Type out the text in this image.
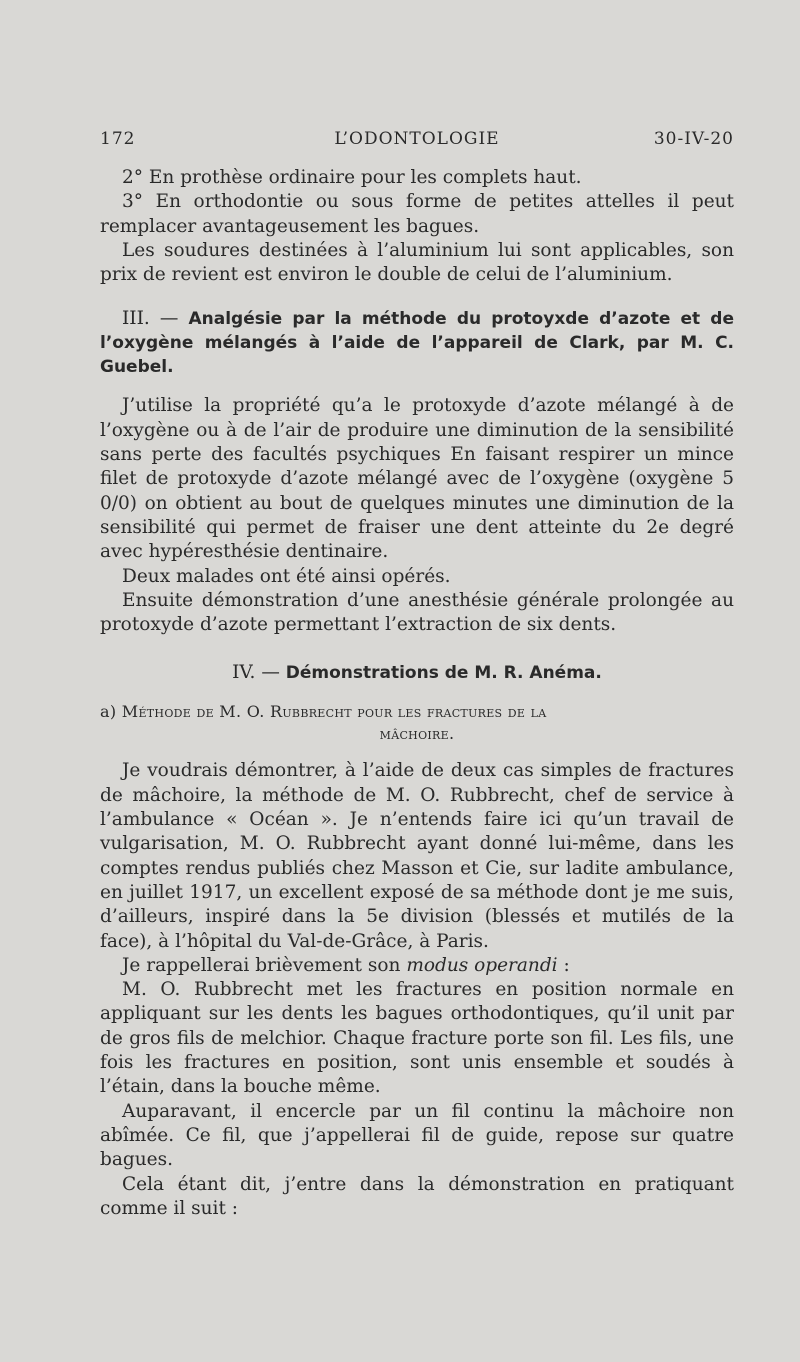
172	L’ODONTOLOGIE	30-IV-20

2° En prothèse ordinaire pour les complets haut.

3° En orthodontie ou sous forme de petites attelles il peut remplacer avantageusement les bagues.

Les soudures destinées à l’aluminium lui sont applicables, son prix de revient est environ le double de celui de l’aluminium.

III. — Analgésie par la méthode du protoyxde d’azote et de l’oxygène mélangés à l’aide de l’appareil de Clark, par M. C. Guebel.

J’utilise la propriété qu’a le protoxyde d’azote mélangé à de l’oxygène ou à de l’air de produire une diminution de la sensibilité sans perte des facultés psychiques En faisant respirer un mince filet de protoxyde d’azote mélangé avec de l’oxygène (oxygène 5 0/0) on obtient au bout de quelques minutes une diminution de la sensibilité qui permet de fraiser une dent atteinte du 2e degré avec hypéresthésie dentinaire.

Deux malades ont été ainsi opérés.

Ensuite démonstration d’une anesthésie générale prolongée au protoxyde d’azote permettant l’extraction de six dents.

IV. — Démonstrations de M. R. Anéma.
a) Méthode de M. O. Rubbrecht pour les fractures de la
mâchoire.

Je voudrais démontrer, à l’aide de deux cas simples de fractures de mâchoire, la méthode de M. O. Rubbrecht, chef de service à l’ambulance « Océan ». Je n’entends faire ici qu’un travail de vulgarisation, M. O. Rubbrecht ayant donné lui-même, dans les comptes rendus publiés chez Masson et Cie, sur ladite ambulance, en juillet 1917, un excellent exposé de sa méthode dont je me suis, d’ailleurs, inspiré dans la 5e division (blessés et mutilés de la face), à l’hôpital du Val-de-Grâce, à Paris.

Je rappellerai brièvement son modus operandi :

M. O. Rubbrecht met les fractures en position normale en appliquant sur les dents les bagues orthodontiques, qu’il unit par de gros fils de melchior. Chaque fracture porte son fil. Les fils, une fois les fractures en position, sont unis ensemble et soudés à l’étain, dans la bouche même.

Auparavant, il encercle par un fil continu la mâchoire non abîmée. Ce fil, que j’appellerai fil de guide, repose sur quatre bagues.

Cela étant dit, j’entre dans la démonstration en pratiquant comme il suit :
